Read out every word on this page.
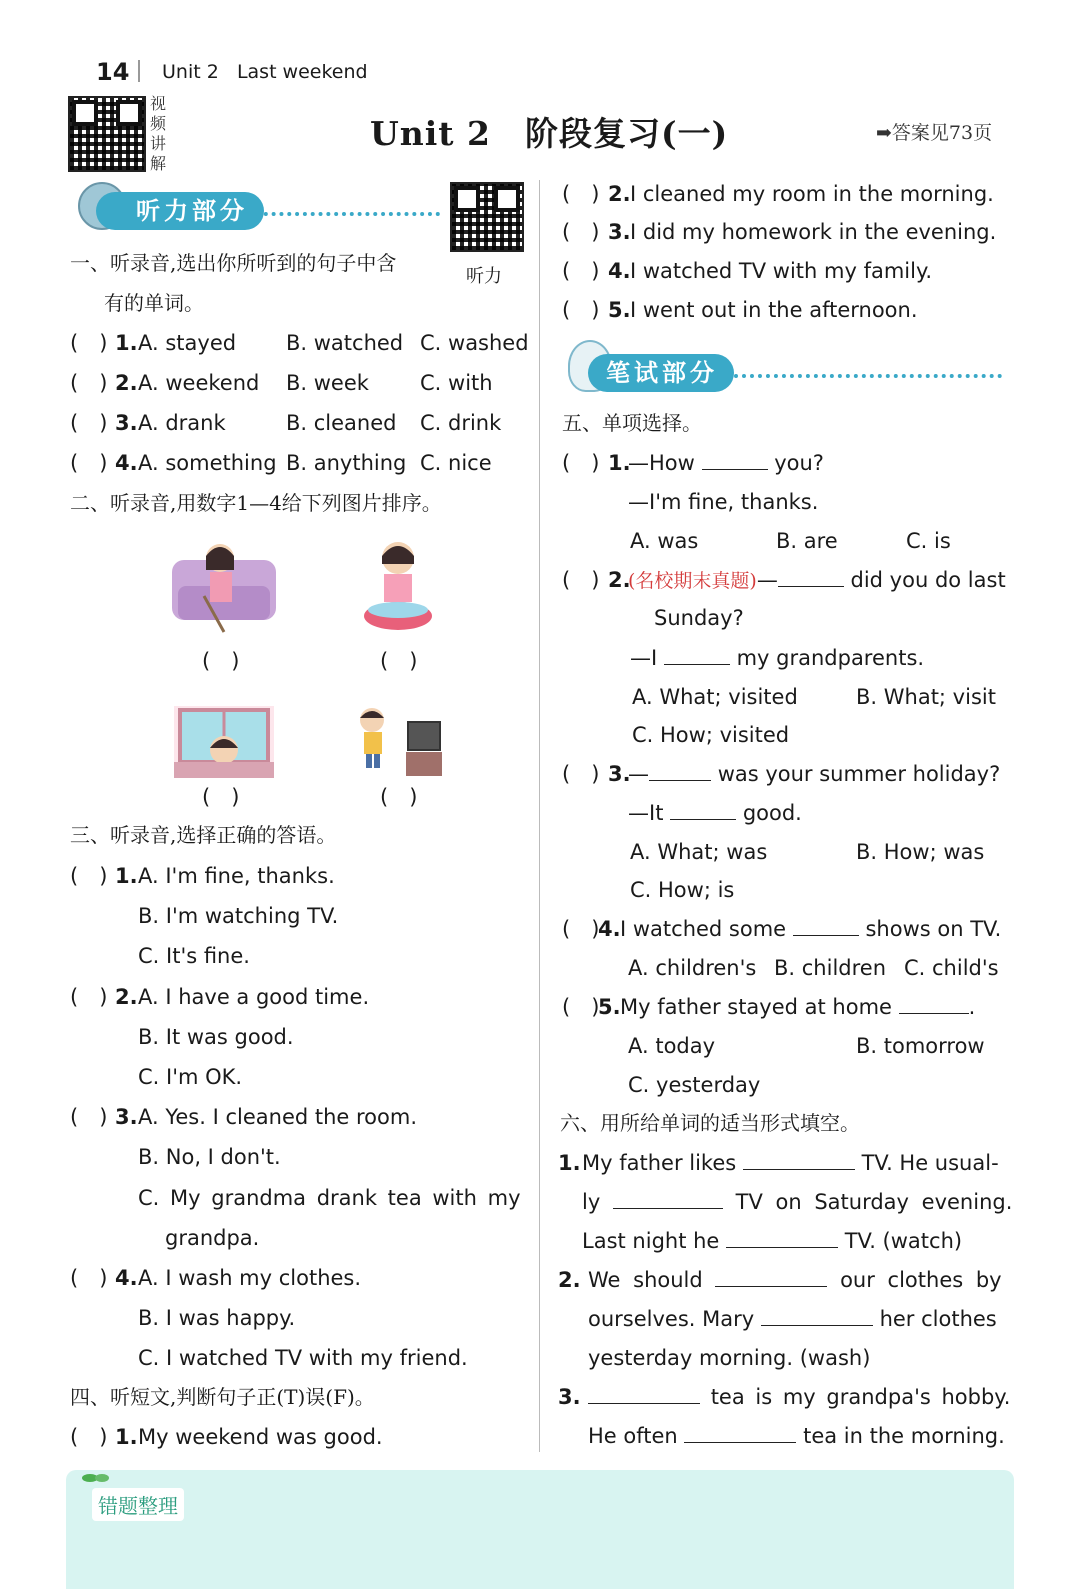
14 Unit 2 Last weekend
视
频
讲
解
Unit 2　阶段复习(一)	➡答案见73页
听力部分
听力
一、听录音,选出你所听到的句子中含
有的单词。
(　) 1. A. stayed B. watched C. washed
(　) 2. A. weekend B. week C. with
(　) 3. A. drank	B. cleaned C. drink
(　) 4. A. something B. anything C. nice
二、听录音,用数字1—4给下列图片排序。
(　)	(　)
(　)	(　)
三、听录音,选择正确的答语。
(　) 1. A. I'm fine, thanks.
B. I'm watching TV.
C. It's fine.
(　) 2. A. I have a good time.
B. It was good.
C. I'm OK.
(　) 3. A. Yes. I cleaned the room.
B. No, I don't.
C. My grandma drank tea with my
grandpa.
(　) 4. A. I wash my clothes.
B. I was happy.
C. I watched TV with my friend.
四、听短文,判断句子正(T)误(F)。
(　) 1. My weekend was good.
(　) 2. I cleaned my room in the morning.
(　) 3. I did my homework in the evening.
(　) 4. I watched TV with my family.
(　) 5. I went out in the afternoon.
笔试部分
五、单项选择。
(　) 1.
—How	you?
—I'm fine, thanks.
A. was	B. are	C. is
(　) 2.
(名校期末真题)—	did you do last
Sunday?
—I	my grandparents.
A. What; visited	B. What; visit
C. How; visited
(　) 3.
—	was your summer holiday?
—It	good.
A. What; was	B. How; was
C. How; is
(　)
4. I watched some	shows on TV.
A. children's B. children C. child's
(　)
5. My father stayed at home	.
A. today	B. tomorrow
C. yesterday
六、用所给单词的适当形式填空。
1. My father likes	TV. He usual-
ly	TV on Saturday evening.
Last night he	TV. (watch)
2. We should	our clothes by
ourselves. Mary	her clothes
yesterday morning. (wash)
3.	tea is my grandpa's hobby.
He often	tea in the morning.
错题整理
